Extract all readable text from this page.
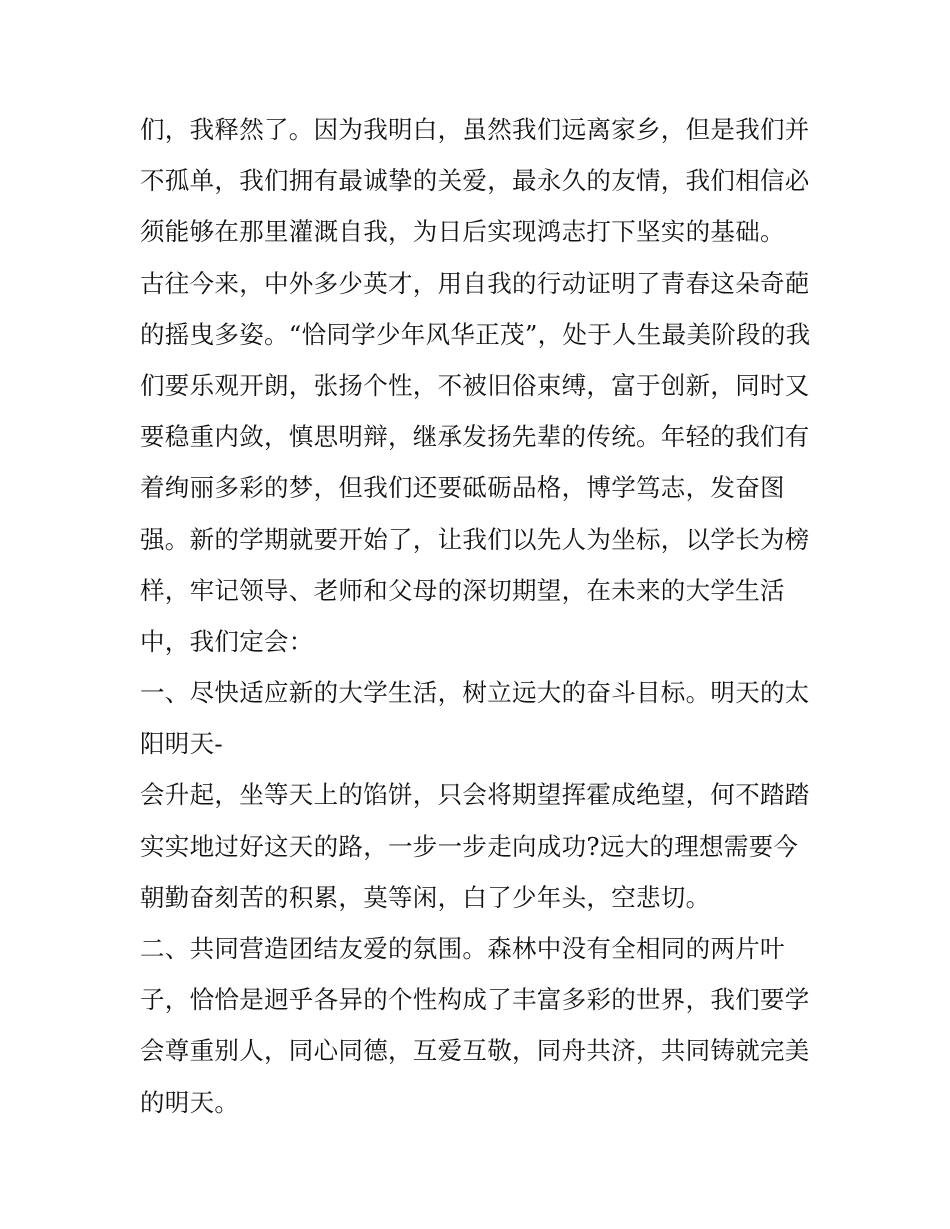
们，我释然了。因为我明白，虽然我们远离家乡，但是我们并
不孤单，我们拥有最诚挚的关爱，最永久的友情，我们相信必
须能够在那里灌溉自我，为日后实现鸿志打下坚实的基础。
古往今来，中外多少英才，用自我的行动证明了青春这朵奇葩
的摇曳多姿。“恰同学少年风华正茂”，处于人生最美阶段的我
们要乐观开朗，张扬个性，不被旧俗束缚，富于创新，同时又
要稳重内敛，慎思明辩，继承发扬先辈的传统。年轻的我们有
着绚丽多彩的梦，但我们还要砥砺品格，博学笃志，发奋图
强。新的学期就要开始了，让我们以先人为坐标，以学长为榜
样，牢记领导、老师和父母的深切期望，在未来的大学生活
中，我们定会：
一、尽快适应新的大学生活，树立远大的奋斗目标。明天的太
阳明天-
会升起，坐等天上的馅饼，只会将期望挥霍成绝望，何不踏踏
实实地过好这天的路，一步一步走向成功?远大的理想需要今
朝勤奋刻苦的积累，莫等闲，白了少年头，空悲切。
二、共同营造团结友爱的氛围。森林中没有全相同的两片叶
子，恰恰是迥乎各异的个性构成了丰富多彩的世界，我们要学
会尊重别人，同心同德，互爱互敬，同舟共济，共同铸就完美
的明天。
